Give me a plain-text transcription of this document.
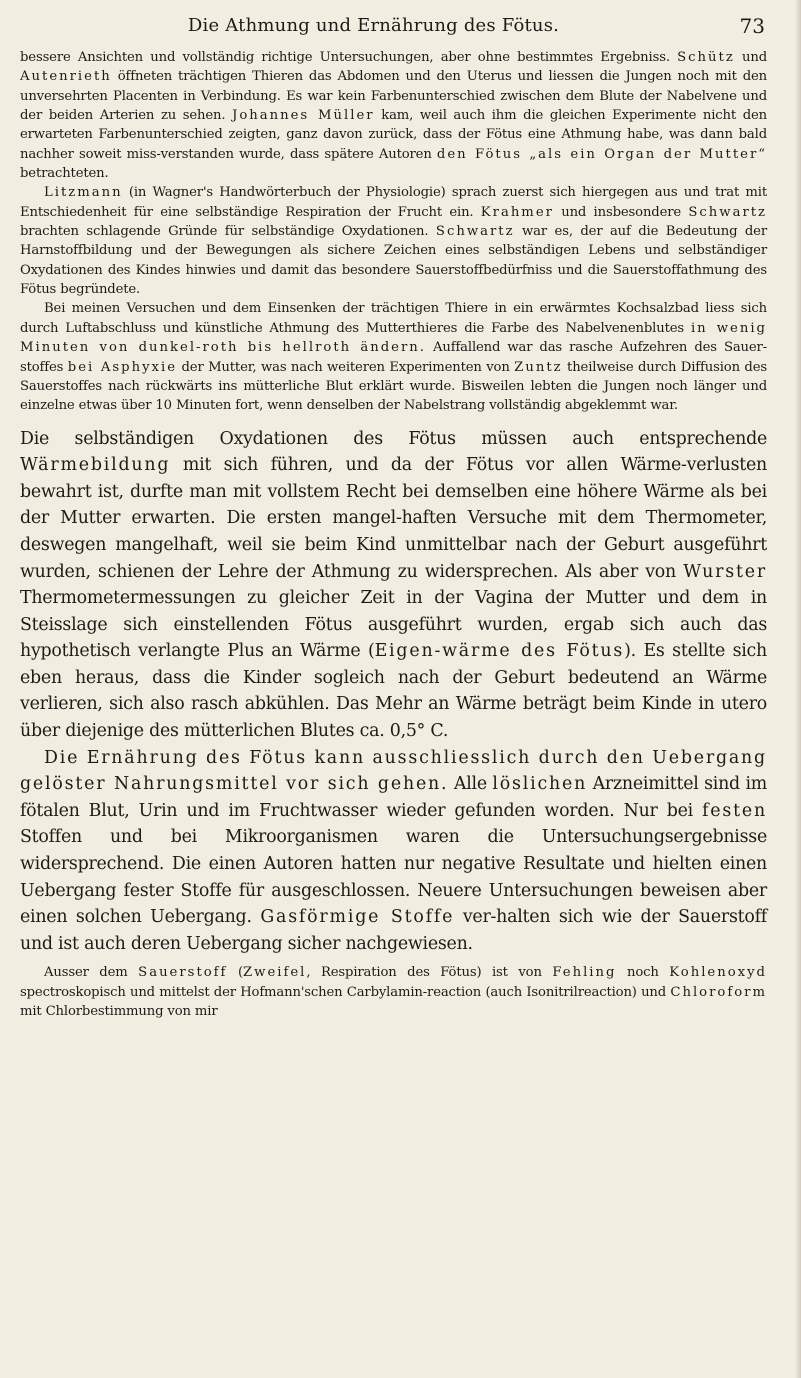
Die Athmung und Ernährung des Fötus.	73

bessere Ansichten und vollständig richtige Untersuchungen, aber ohne bestimmtes Ergebniss. Schütz und Autenrieth öffneten trächtigen Thieren das Abdomen und den Uterus und liessen die Jungen noch mit den unversehrten Placenten in Verbindung. Es war kein Farbenunterschied zwischen dem Blute der Nabelvene und der beiden Arterien zu sehen. Johannes Müller kam, weil auch ihm die gleichen Experimente nicht den erwarteten Farbenunterschied zeigten, ganz davon zurück, dass der Fötus eine Athmung habe, was dann bald nachher soweit miss-verstanden wurde, dass spätere Autoren den Fötus „als ein Organ der Mutter“ betrachteten.

Litzmann (in Wagner's Handwörterbuch der Physiologie) sprach zuerst sich hiergegen aus und trat mit Entschiedenheit für eine selbständige Respiration der Frucht ein. Krahmer und insbesondere Schwartz brachten schlagende Gründe für selbständige Oxydationen. Schwartz war es, der auf die Bedeutung der Harnstoffbildung und der Bewegungen als sichere Zeichen eines selbständigen Lebens und selbständiger Oxydationen des Kindes hinwies und damit das besondere Sauerstoffbedürfniss und die Sauerstoffathmung des Fötus begründete.

Bei meinen Versuchen und dem Einsenken der trächtigen Thiere in ein erwärmtes Kochsalzbad liess sich durch Luftabschluss und künstliche Athmung des Mutterthieres die Farbe des Nabelvenenblutes in wenig Minuten von dunkel-roth bis hellroth ändern. Auffallend war das rasche Aufzehren des Sauer-stoffes bei Asphyxie der Mutter, was nach weiteren Experimenten von Zuntz theilweise durch Diffusion des Sauerstoffes nach rückwärts ins mütterliche Blut erklärt wurde. Bisweilen lebten die Jungen noch länger und einzelne etwas über 10 Minuten fort, wenn denselben der Nabelstrang vollständig abgeklemmt war.

Die selbständigen Oxydationen des Fötus müssen auch entsprechende Wärmebildung mit sich führen, und da der Fötus vor allen Wärme-verlusten bewahrt ist, durfte man mit vollstem Recht bei demselben eine höhere Wärme als bei der Mutter erwarten. Die ersten mangel-haften Versuche mit dem Thermometer, deswegen mangelhaft, weil sie beim Kind unmittelbar nach der Geburt ausgeführt wurden, schienen der Lehre der Athmung zu widersprechen. Als aber von Wurster Thermometermessungen zu gleicher Zeit in der Vagina der Mutter und dem in Steisslage sich einstellenden Fötus ausgeführt wurden, ergab sich auch das hypothetisch verlangte Plus an Wärme (Eigen-wärme des Fötus). Es stellte sich eben heraus, dass die Kinder sogleich nach der Geburt bedeutend an Wärme verlieren, sich also rasch abkühlen. Das Mehr an Wärme beträgt beim Kinde in utero über diejenige des mütterlichen Blutes ca. 0,5° C.

Die Ernährung des Fötus kann ausschliesslich durch den Uebergang gelöster Nahrungsmittel vor sich gehen. Alle löslichen Arzneimittel sind im fötalen Blut, Urin und im Fruchtwasser wieder gefunden worden. Nur bei festen Stoffen und bei Mikroorganismen waren die Untersuchungsergebnisse widersprechend. Die einen Autoren hatten nur negative Resultate und hielten einen Uebergang fester Stoffe für ausgeschlossen. Neuere Untersuchungen beweisen aber einen solchen Uebergang. Gasförmige Stoffe ver-halten sich wie der Sauerstoff und ist auch deren Uebergang sicher nachgewiesen.

Ausser dem Sauerstoff (Zweifel, Respiration des Fötus) ist von Fehling noch Kohlenoxyd spectroskopisch und mittelst der Hofmann'schen Carbylamin-reaction (auch Isonitrilreaction) und Chloroform mit Chlorbestimmung von mir
